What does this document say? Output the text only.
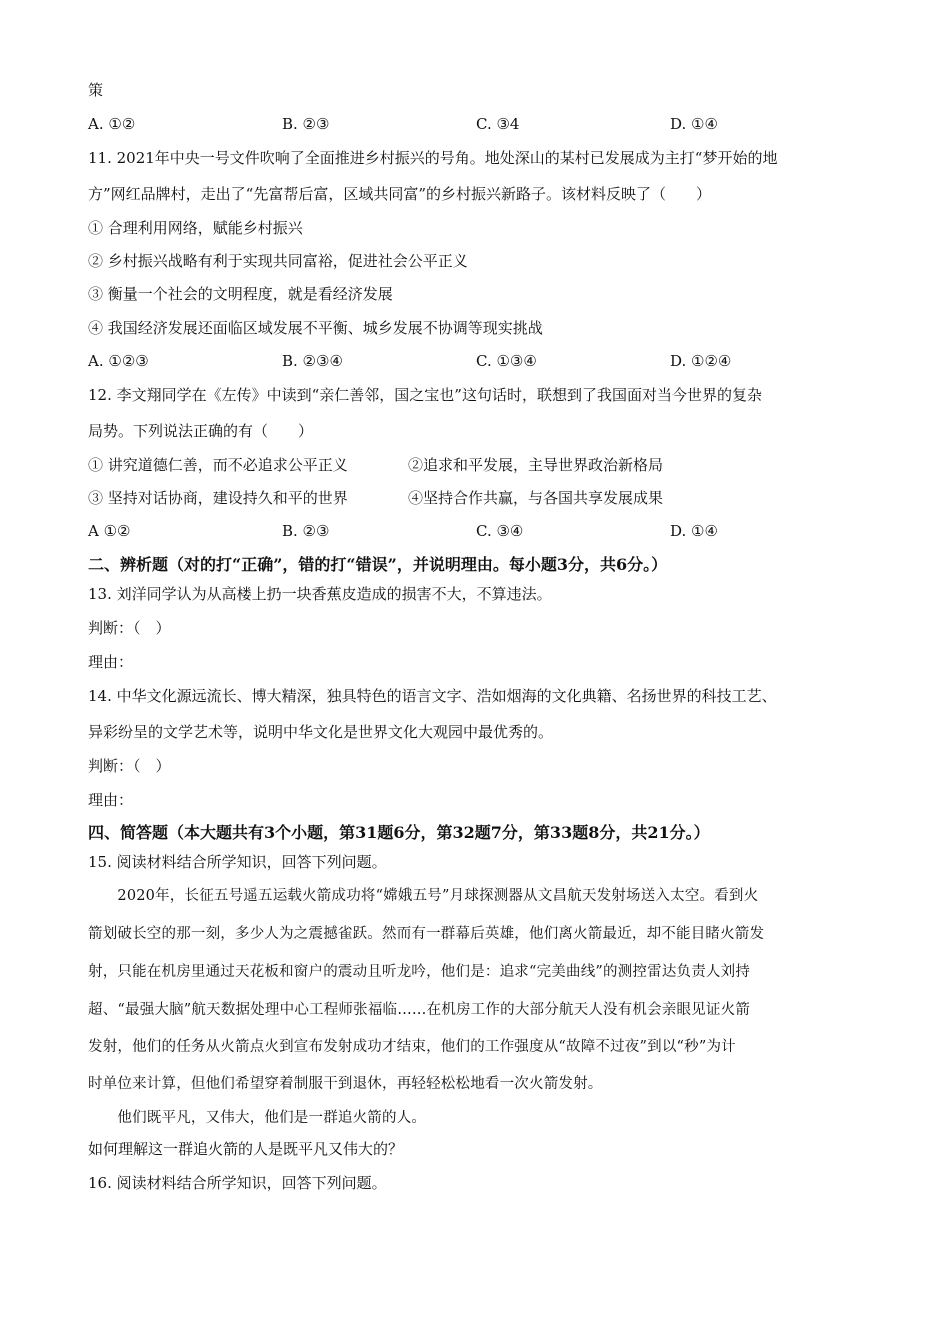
策
A. ①②	B. ②③	C. ③4	D. ①④
11. 2021年中央一号文件吹响了全面推进乡村振兴的号角。地处深山的某村已发展成为主打“梦开始的地
方”网红品牌村，走出了“先富帮后富，区域共同富”的乡村振兴新路子。该材料反映了（　　）
① 合理利用网络，赋能乡村振兴
② 乡村振兴战略有利于实现共同富裕，促进社会公平正义
③ 衡量一个社会的文明程度，就是看经济发展
④ 我国经济发展还面临区域发展不平衡、城乡发展不协调等现实挑战
A. ①②③	B. ②③④	C. ①③④	D. ①②④
12. 李文翔同学在《左传》中读到“亲仁善邻，国之宝也”这句话时，联想到了我国面对当今世界的复杂
局势。下列说法正确的有（　　）
① 讲究道德仁善，而不必追求公平正义	②追求和平发展，主导世界政治新格局
③ 坚持对话协商，建设持久和平的世界	④坚持合作共赢，与各国共享发展成果
A ①②	B. ②③	C. ③④	D. ①④
二、辨析题（对的打“正确”，错的打“错误”，并说明理由。每小题3分，共6分。）
13. 刘洋同学认为从高楼上扔一块香蕉皮造成的损害不大，不算违法。
判断：（　）
理由：
14. 中华文化源远流长、博大精深，独具特色的语言文字、浩如烟海的文化典籍、名扬世界的科技工艺、
异彩纷呈的文学艺术等，说明中华文化是世界文化大观园中最优秀的。
判断：（　）
理由：
四、简答题（本大题共有3个小题，第31题6分，第32题7分，第33题8分，共21分。）
15. 阅读材料结合所学知识，回答下列问题。
　　2020年，长征五号遥五运载火箭成功将“嫦娥五号”月球探测器从文昌航天发射场送入太空。看到火
箭划破长空的那一刻，多少人为之震撼雀跃。然而有一群幕后英雄，他们离火箭最近，却不能目睹火箭发
射，只能在机房里通过天花板和窗户的震动且听龙吟，他们是：追求“完美曲线”的测控雷达负责人刘持
超、“最强大脑”航天数据处理中心工程师张福临……在机房工作的大部分航天人没有机会亲眼见证火箭
发射，他们的任务从火箭点火到宣布发射成功才结束，他们的工作强度从“故障不过夜”到以“秒”为计
时单位来计算，但他们希望穿着制服干到退休，再轻轻松松地看一次火箭发射。
　　他们既平凡，又伟大，他们是一群追火箭的人。
如何理解这一群追火箭的人是既平凡又伟大的？
16. 阅读材料结合所学知识，回答下列问题。
